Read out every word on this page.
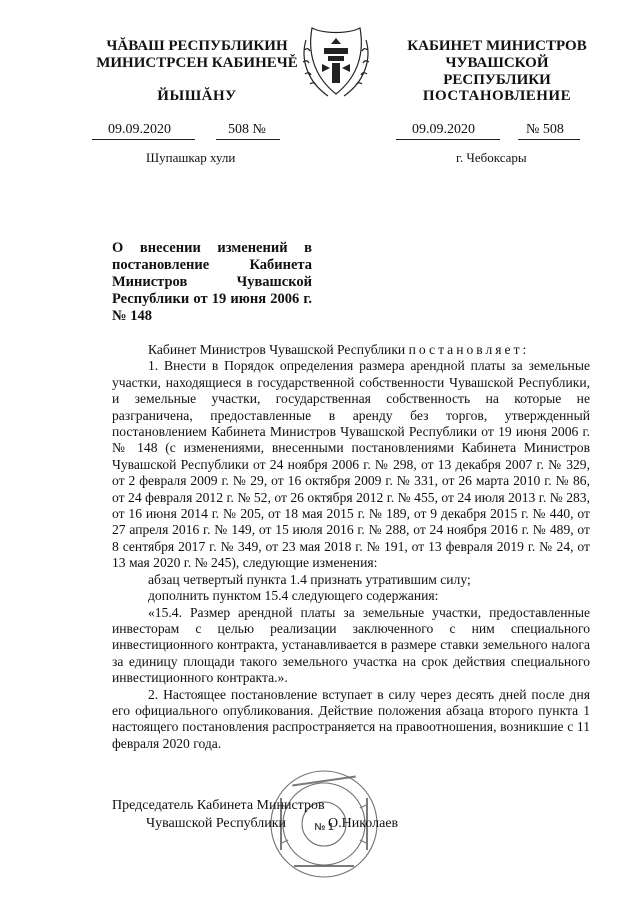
ЧĂВАШ РЕСПУБЛИКИН
МИНИСТРСЕН КАБИНЕЧĚ
КАБИНЕТ МИНИСТРОВ
ЧУВАШСКОЙ РЕСПУБЛИКИ
ЙЫШĂНУ	ПОСТАНОВЛЕНИЕ
09.09.2020	508 №	09.09.2020	№ 508
Шупашкар хули	г. Чебоксары
О внесении изменений в постановление Кабинета Министров Чувашской Республики от 19 июня 2006 г. № 148

Кабинет Министров Чувашской Республики постановляет:

1. Внести в Порядок определения размера арендной платы за земельные участки, находящиеся в государственной собственности Чувашской Республики, и земельные участки, государственная собственность на которые не разграничена, предоставленные в аренду без торгов, утвержденный постановлением Кабинета Министров Чувашской Республики от 19 июня 2006 г. № 148 (с изменениями, внесенными постановлениями Кабинета Министров Чувашской Республики от 24 ноября 2006 г. № 298, от 13 декабря 2007 г. № 329, от 2 февраля 2009 г. № 29, от 16 октября 2009 г. № 331, от 26 марта 2010 г. № 86, от 24 февраля 2012 г. № 52, от 26 октября 2012 г. № 455, от 24 июля 2013 г. № 283, от 16 июня 2014 г. № 205, от 18 мая 2015 г. № 189, от 9 декабря 2015 г. № 440, от 27 апреля 2016 г. № 149, от 15 июля 2016 г. № 288, от 24 ноября 2016 г. № 489, от 8 сентября 2017 г. № 349, от 23 мая 2018 г. № 191, от 13 февраля 2019 г. № 24, от 13 мая 2020 г. № 245), следующие изменения:

абзац четвертый пункта 1.4 признать утратившим силу;

дополнить пунктом 15.4 следующего содержания:

«15.4. Размер арендной платы за земельные участки, предоставленные инвесторам с целью реализации заключенного с ним специального инвестиционного контракта, устанавливается в размере ставки земельного налога за единицу площади такого земельного участка на срок действия специального инвестиционного контракта.».

2. Настоящее постановление вступает в силу через десять дней после дня его официального опубликования. Действие положения абзаца второго пункта 1 настоящего постановления распространяется на правоотношения, возникшие с 11 февраля 2020 года.

№ 1
Председатель Кабинета Министров
Чувашской Республики	О.Николаев
